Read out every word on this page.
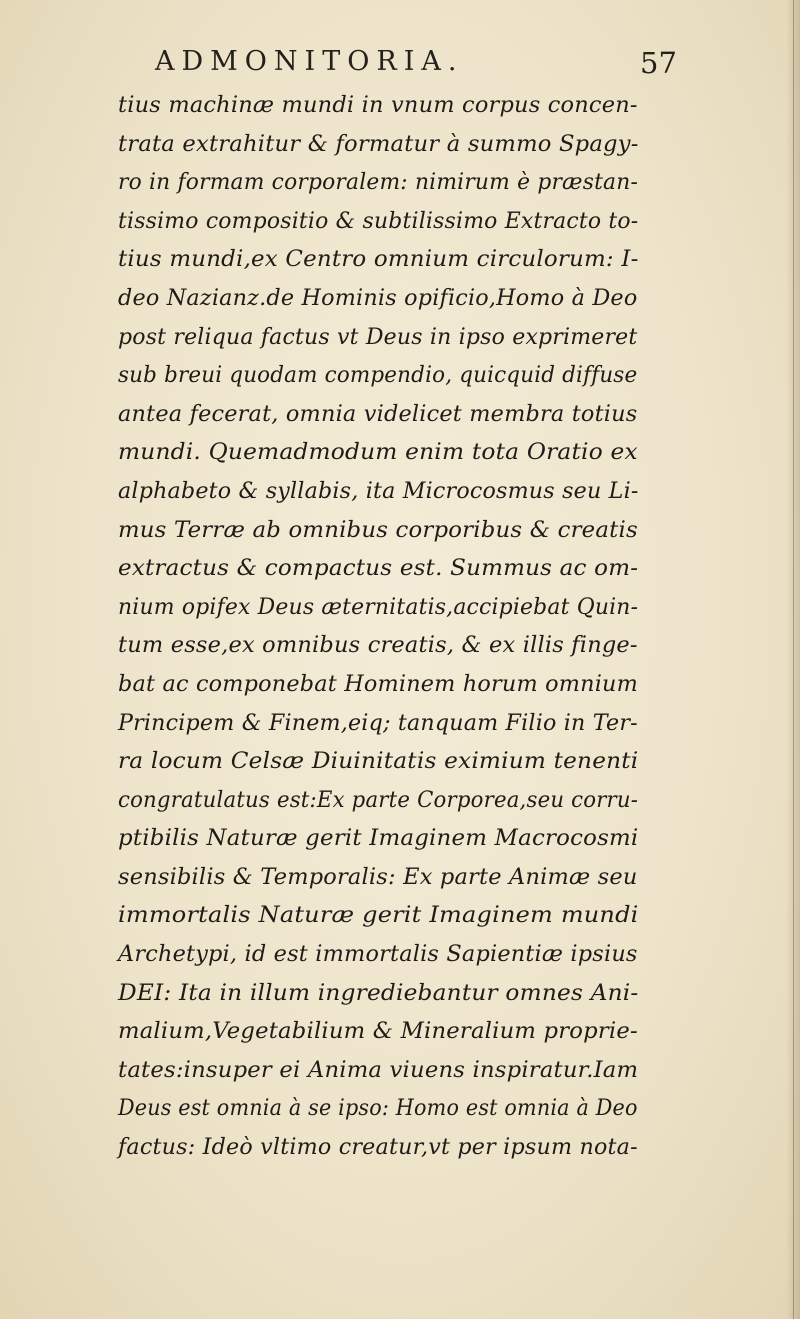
ADMONITORIA.	57
tius machinæ mundi in vnum corpus concen-
trata extrahitur & formatur à summo Spagy-
ro in formam corporalem: nimirum è præstan-
tissimo compositio & subtilissimo Extracto to-
tius mundi,ex Centro omnium circulorum: I-
deo Nazianz.de Hominis opificio,Homo à Deo
post reliqua factus vt Deus in ipso exprimeret
sub breui quodam compendio, quicquid diffuse
antea fecerat, omnia videlicet membra totius
mundi. Quemadmodum enim tota Oratio ex
alphabeto & syllabis, ita Microcosmus seu Li-
mus Terræ ab omnibus corporibus & creatis
extractus & compactus est. Summus ac om-
nium opifex Deus æternitatis,accipiebat Quin-
tum esse,ex omnibus creatis, & ex illis finge-
bat ac componebat Hominem horum omnium
Principem & Finem,eiq; tanquam Filio in Ter-
ra locum Celsæ Diuinitatis eximium tenenti
congratulatus est:Ex parte Corporea,seu corru-
ptibilis Naturæ gerit Imaginem Macrocosmi
sensibilis & Temporalis: Ex parte Animæ seu
immortalis Naturæ gerit Imaginem mundi
Archetypi, id est immortalis Sapientiæ ipsius
DEI: Ita in illum ingrediebantur omnes Ani-
malium,Vegetabilium & Mineralium proprie-
tates:insuper ei Anima viuens inspiratur.Iam
Deus est omnia à se ipso: Homo est omnia à Deo
factus: Ideò vltimo creatur,vt per ipsum nota-
